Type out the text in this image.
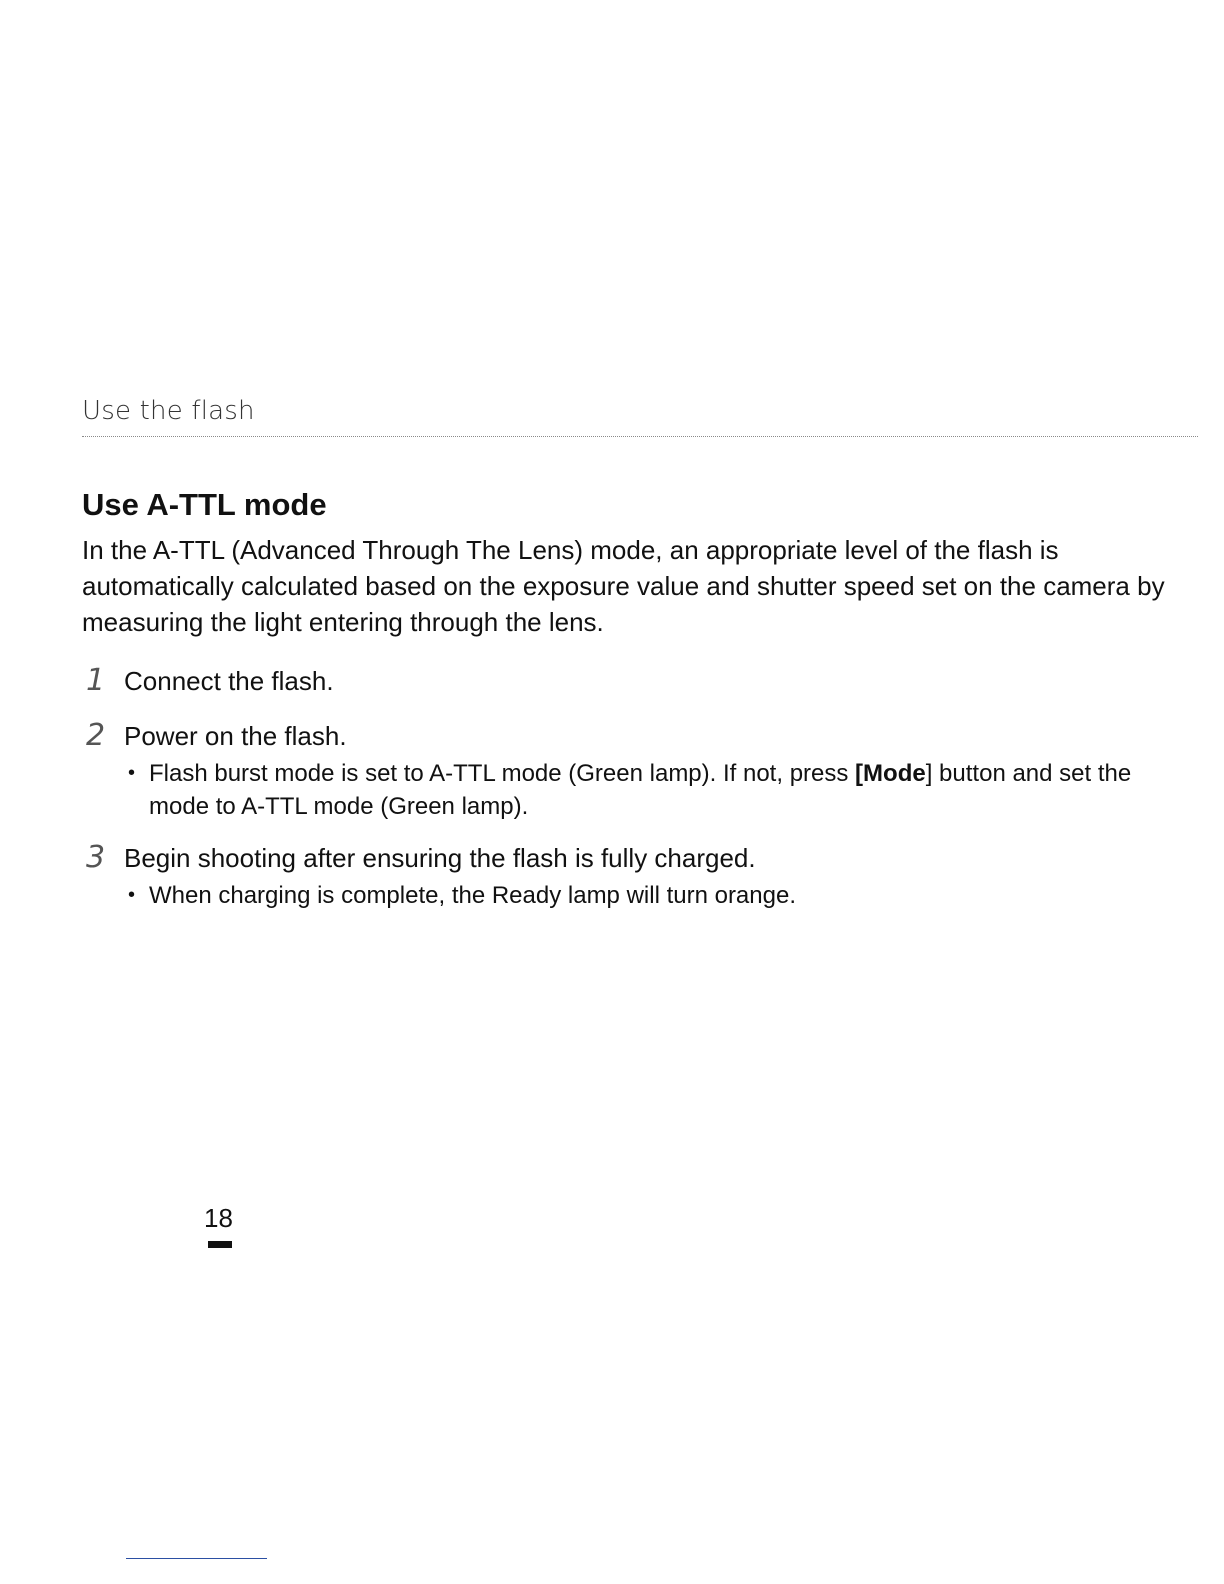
Use the flash
Use A-TTL mode
In the A-TTL (Advanced Through The Lens) mode, an appropriate level of the flash is automatically calculated based on the exposure value and shutter speed set on the camera by measuring the light entering through the lens.
1 Connect the flash.
2 Power on the flash.
• Flash burst mode is set to A-TTL mode (Green lamp). If not, press [Mode] button and set the mode to A-TTL mode (Green lamp).
3 Begin shooting after ensuring the flash is fully charged.
• When charging is complete, the Ready lamp will turn orange.
18
